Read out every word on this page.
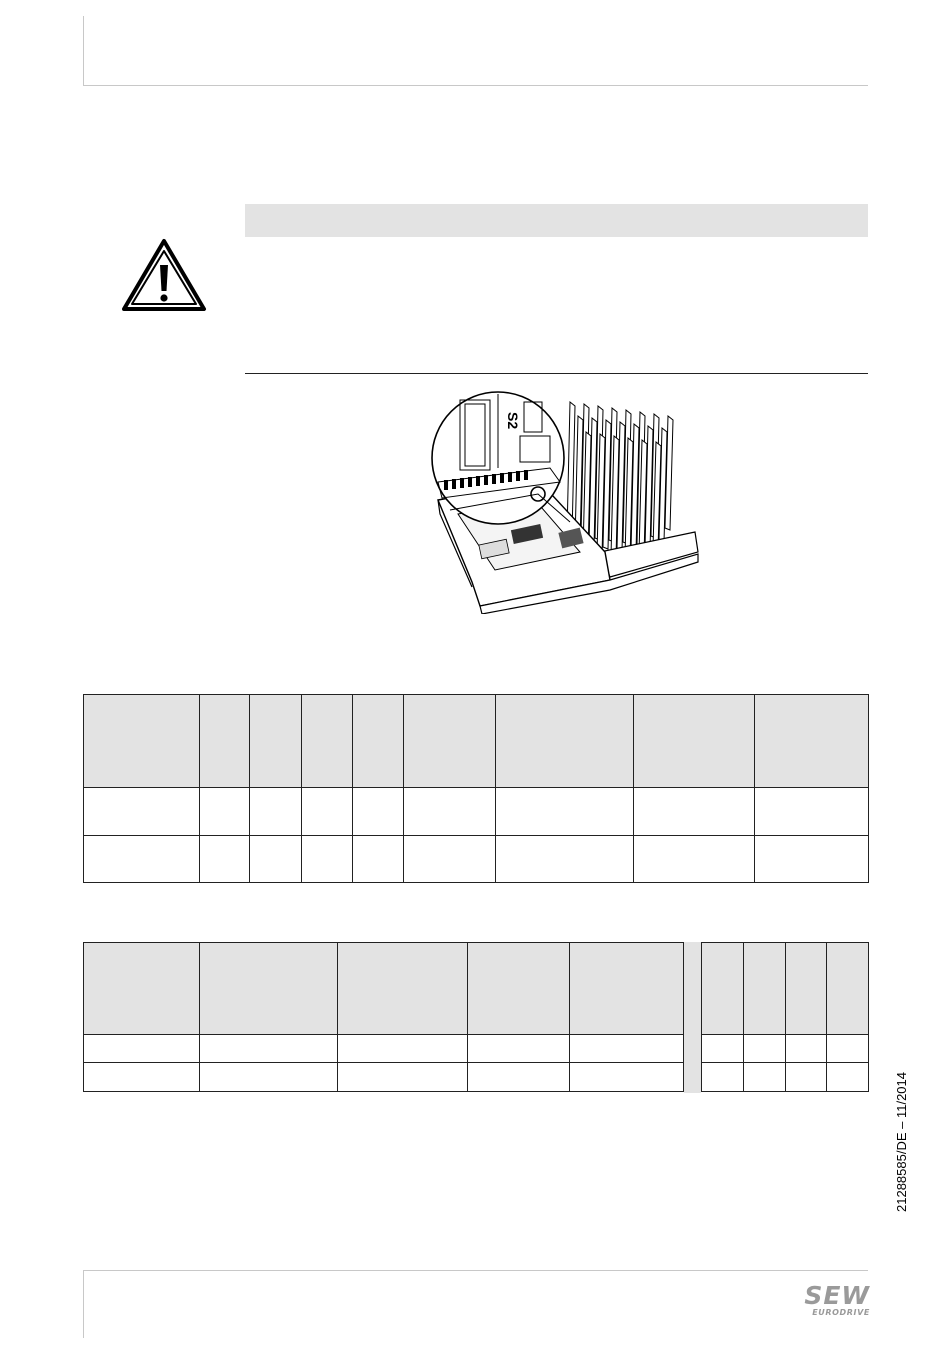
S2

21288585/DE – 11/2014
SEW
EURODRIVE
